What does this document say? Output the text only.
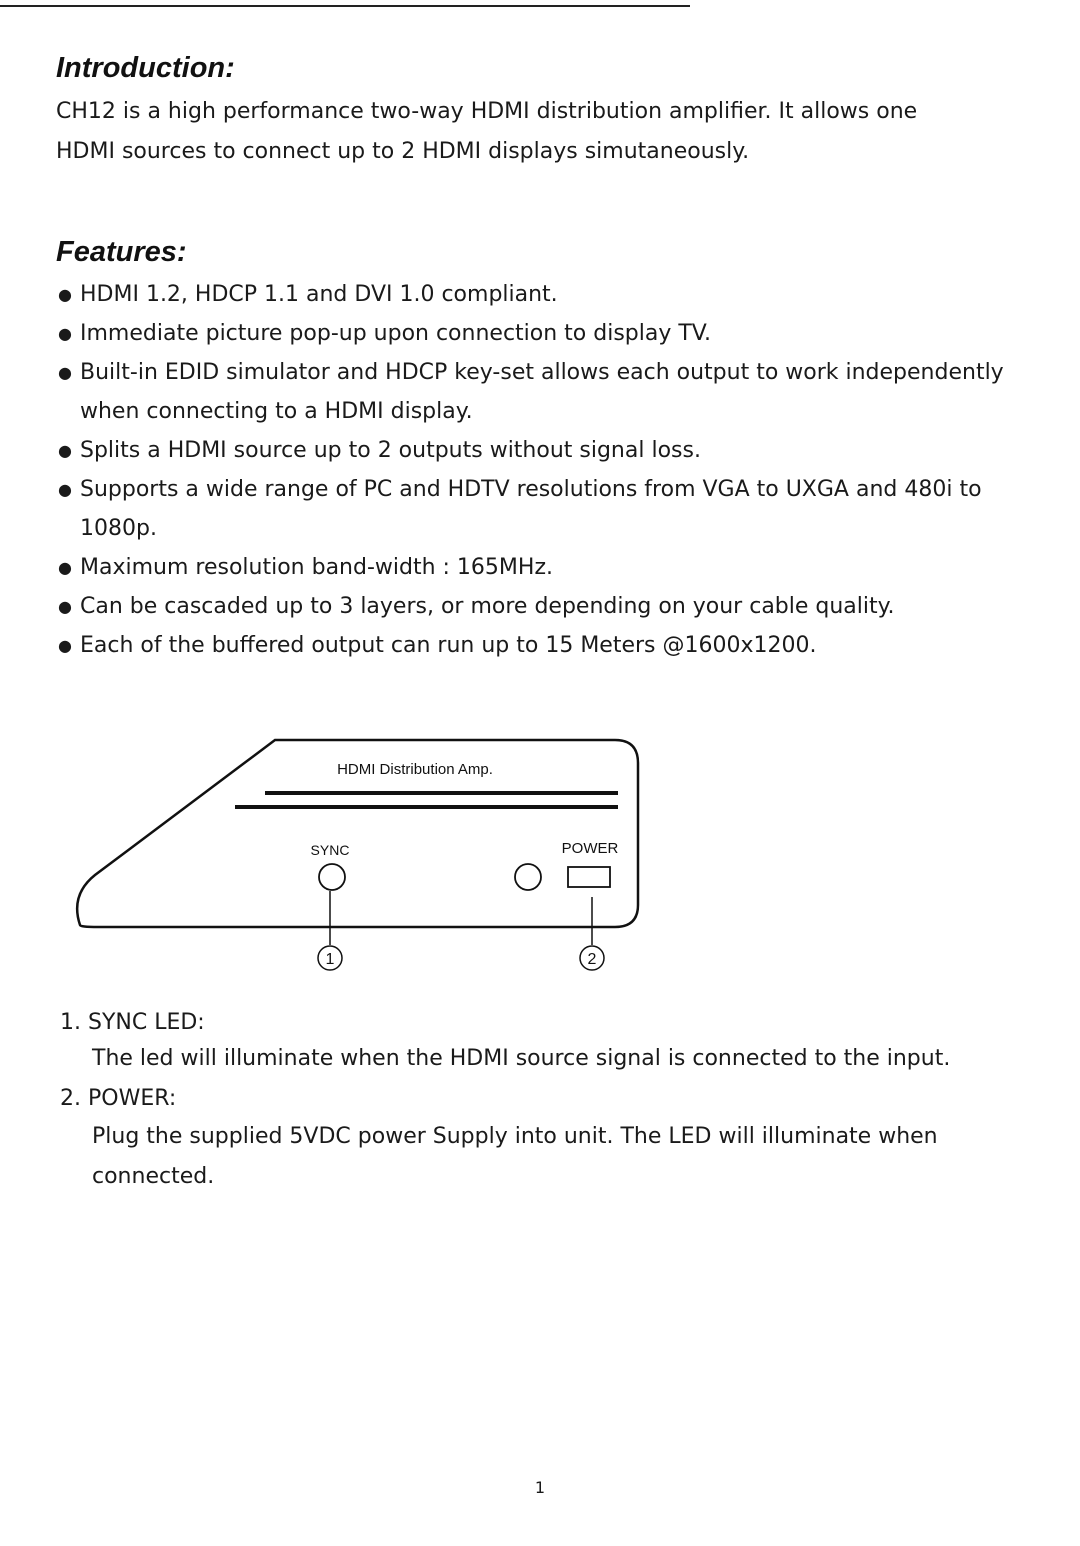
Introduction:

CH12 is a high performance two-way HDMI distribution amplifier. It allows one

HDMI sources to connect up to 2 HDMI displays simutaneously.

Features:
● HDMI 1.2, HDCP 1.1 and DVI 1.0 compliant.
● Immediate picture pop-up upon connection to display TV.
● Built-in EDID simulator and HDCP key-set allows each output to work independently when connecting to a HDMI display.
● Splits a HDMI source up to 2 outputs without signal loss.
● Supports a wide range of PC and HDTV resolutions from VGA to UXGA and 480i to 1080p.
● Maximum resolution band-width : 165MHz.
● Can be cascaded up to 3 layers, or more depending on your cable quality.
● Each of the buffered output can run up to 15 Meters @1600x1200.
HDMI Distribution Amp.
SYNC
1
POWER
2

1. SYNC LED:

The led will illuminate when the HDMI source signal is connected to the input.

2. POWER:

Plug the supplied 5VDC power Supply into unit. The LED will illuminate when

connected.

1
